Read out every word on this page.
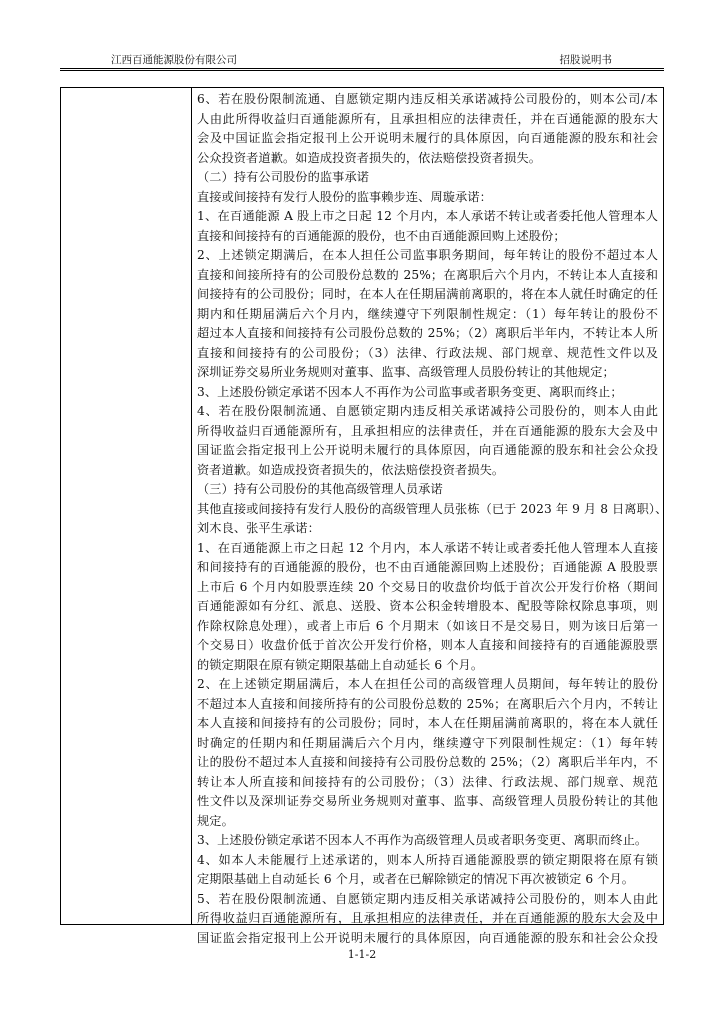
江西百通能源股份有限公司	招股说明书
6、若在股份限制流通、自愿锁定期内违反相关承诺减持公司股份的，则本公司/本
人由此所得收益归百通能源所有，且承担相应的法律责任，并在百通能源的股东大
会及中国证监会指定报刊上公开说明未履行的具体原因，向百通能源的股东和社会
公众投资者道歉。如造成投资者损失的，依法赔偿投资者损失。
（二）持有公司股份的监事承诺
直接或间接持有发行人股份的监事赖步连、周璇承诺：
1、在百通能源 A 股上市之日起 12 个月内，本人承诺不转让或者委托他人管理本人
直接和间接持有的百通能源的股份，也不由百通能源回购上述股份；
2、上述锁定期满后，在本人担任公司监事职务期间，每年转让的股份不超过本人
直接和间接所持有的公司股份总数的 25%；在离职后六个月内，不转让本人直接和
间接持有的公司股份；同时，在本人在任期届满前离职的，将在本人就任时确定的任
期内和任期届满后六个月内，继续遵守下列限制性规定：（1）每年转让的股份不
超过本人直接和间接持有公司股份总数的 25%；（2）离职后半年内，不转让本人所
直接和间接持有的公司股份；（3）法律、行政法规、部门规章、规范性文件以及
深圳证券交易所业务规则对董事、监事、高级管理人员股份转让的其他规定；
3、上述股份锁定承诺不因本人不再作为公司监事或者职务变更、离职而终止；
4、若在股份限制流通、自愿锁定期内违反相关承诺减持公司股份的，则本人由此
所得收益归百通能源所有，且承担相应的法律责任，并在百通能源的股东大会及中
国证监会指定报刊上公开说明未履行的具体原因，向百通能源的股东和社会公众投
资者道歉。如造成投资者损失的，依法赔偿投资者损失。
（三）持有公司股份的其他高级管理人员承诺
其他直接或间接持有发行人股份的高级管理人员张栋（已于 2023 年 9 月 8 日离职）、
刘木良、张平生承诺：
1、在百通能源上市之日起 12 个月内，本人承诺不转让或者委托他人管理本人直接
和间接持有的百通能源的股份，也不由百通能源回购上述股份；百通能源 A 股股票
上市后 6 个月内如股票连续 20 个交易日的收盘价均低于首次公开发行价格（期间
百通能源如有分红、派息、送股、资本公积金转增股本、配股等除权除息事项，则
作除权除息处理），或者上市后 6 个月期末（如该日不是交易日，则为该日后第一
个交易日）收盘价低于首次公开发行价格，则本人直接和间接持有的百通能源股票
的锁定期限在原有锁定期限基础上自动延长 6 个月。
2、在上述锁定期届满后，本人在担任公司的高级管理人员期间，每年转让的股份
不超过本人直接和间接所持有的公司股份总数的 25%；在离职后六个月内，不转让
本人直接和间接持有的公司股份；同时，本人在任期届满前离职的，将在本人就任
时确定的任期内和任期届满后六个月内，继续遵守下列限制性规定：（1）每年转
让的股份不超过本人直接和间接持有公司股份总数的 25%；（2）离职后半年内，不
转让本人所直接和间接持有的公司股份；（3）法律、行政法规、部门规章、规范
性文件以及深圳证券交易所业务规则对董事、监事、高级管理人员股份转让的其他
规定。
3、上述股份锁定承诺不因本人不再作为高级管理人员或者职务变更、离职而终止。
4、如本人未能履行上述承诺的，则本人所持百通能源股票的锁定期限将在原有锁
定期限基础上自动延长 6 个月，或者在已解除锁定的情况下再次被锁定 6 个月。
5、若在股份限制流通、自愿锁定期内违反相关承诺减持公司股份的，则本人由此
所得收益归百通能源所有，且承担相应的法律责任，并在百通能源的股东大会及中
国证监会指定报刊上公开说明未履行的具体原因，向百通能源的股东和社会公众投
1-1-2
